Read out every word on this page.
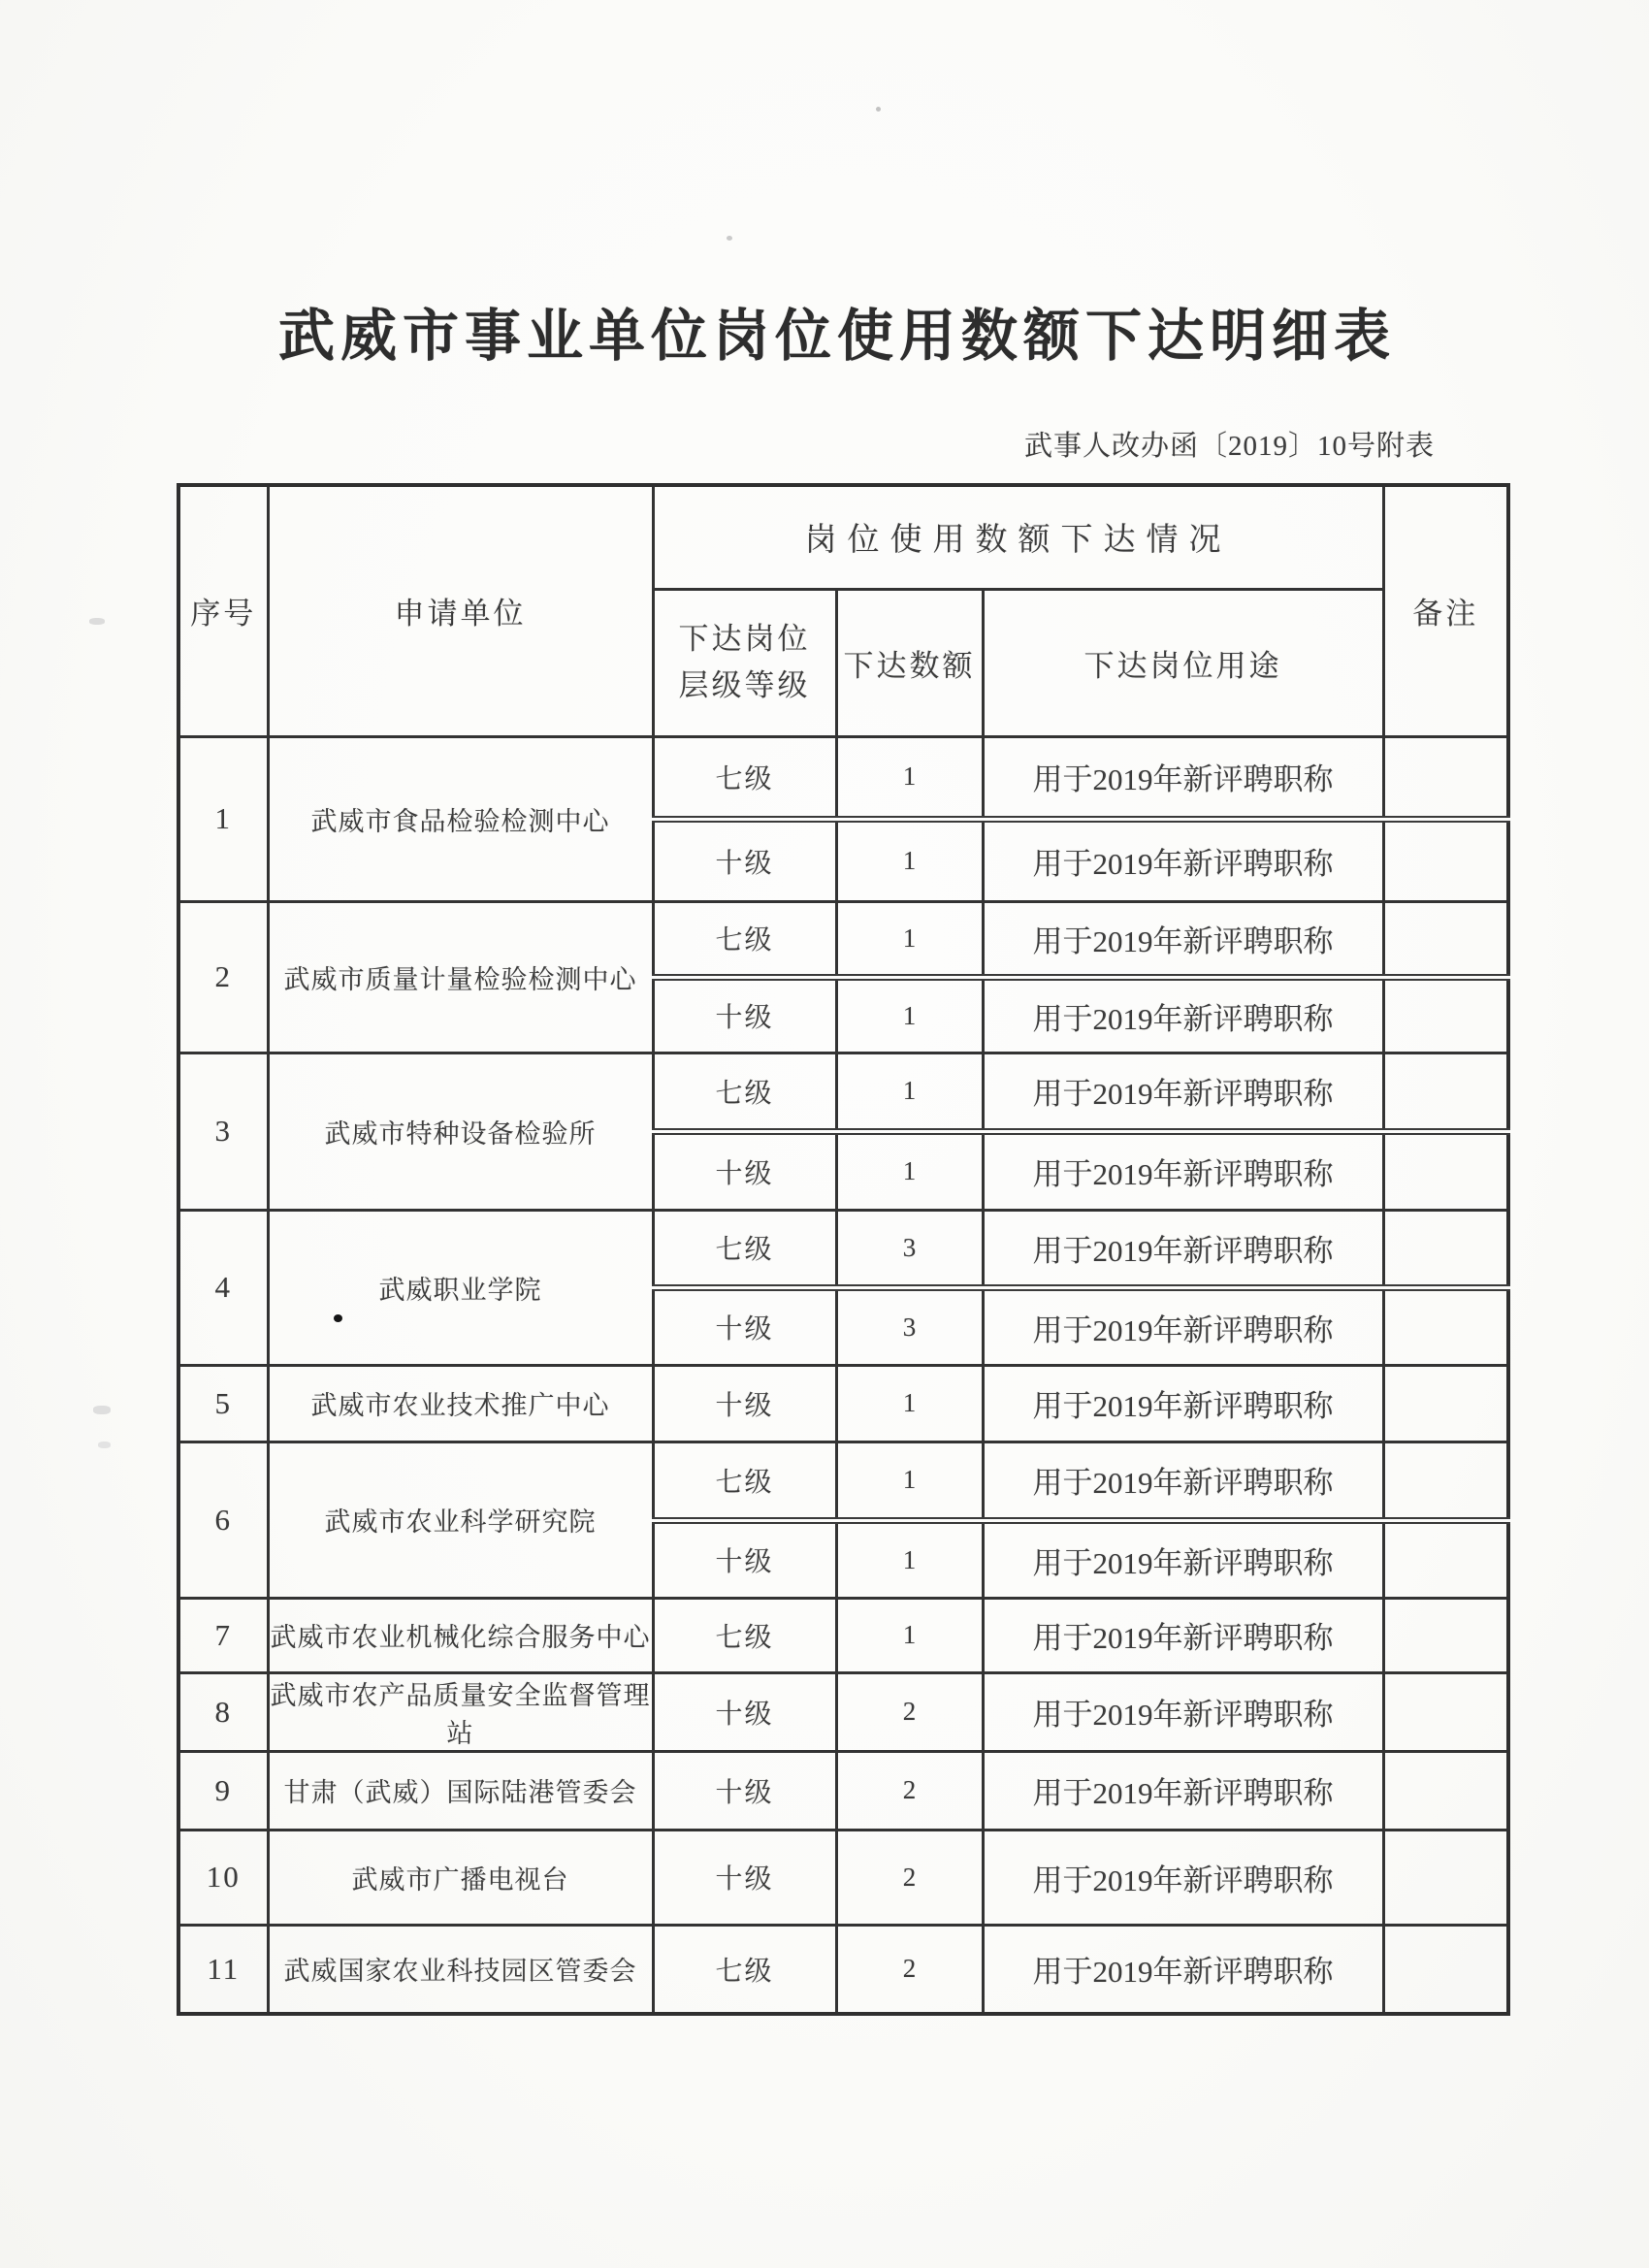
武威市事业单位岗位使用数额下达明细表
武事人改办函〔2019〕10号附表
序号	申请单位	岗位使用数额下达情况			备注
		下达岗位层级等级	下达数额	下达岗位用途	
1	武威市食品检验检测中心	七级	1	用于2019年新评聘职称	
		十级	1	用于2019年新评聘职称	
2	武威市质量计量检验检测中心	七级	1	用于2019年新评聘职称	
		十级	1	用于2019年新评聘职称	
3	武威市特种设备检验所	七级	1	用于2019年新评聘职称	
		十级	1	用于2019年新评聘职称	
4	武威职业学院	七级	3	用于2019年新评聘职称	
		十级	3	用于2019年新评聘职称	
5	武威市农业技术推广中心	十级	1	用于2019年新评聘职称	
6	武威市农业科学研究院	七级	1	用于2019年新评聘职称	
		十级	1	用于2019年新评聘职称	
7	武威市农业机械化综合服务中心	七级	1	用于2019年新评聘职称	
8	武威市农产品质量安全监督管理站	十级	2	用于2019年新评聘职称	
9	甘肃（武威）国际陆港管委会	十级	2	用于2019年新评聘职称	
10	武威市广播电视台	十级	2	用于2019年新评聘职称	
11	武威国家农业科技园区管委会	七级	2	用于2019年新评聘职称	
